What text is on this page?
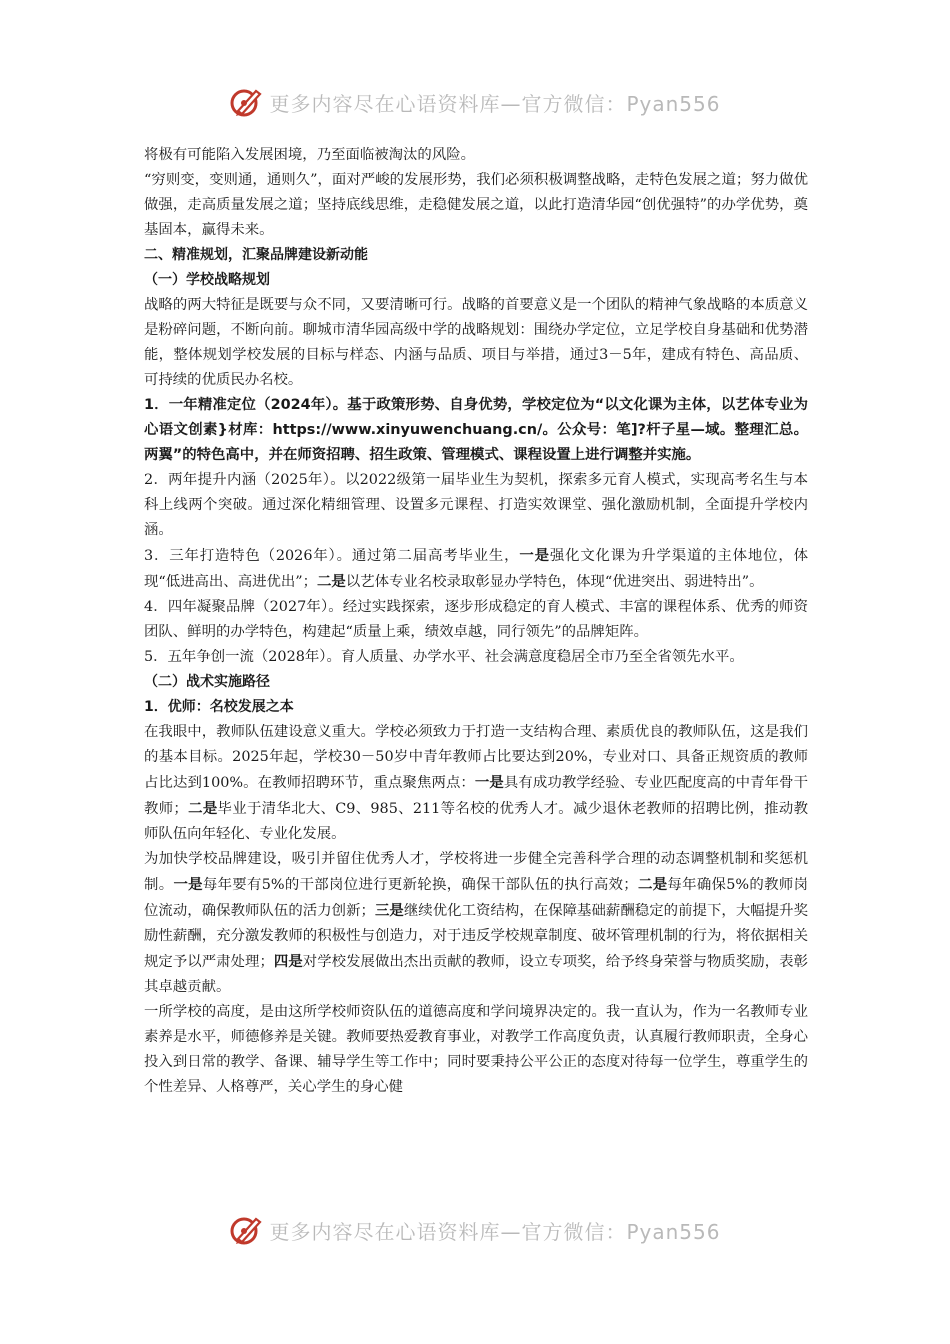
更多内容尽在心语资料库—官方微信：Pyan556

将极有可能陷入发展困境，乃至面临被淘汰的风险。

“穷则变，变则通，通则久”，面对严峻的发展形势，我们必须积极调整战略，走特色发展之道；努力做优做强，走高质量发展之道；坚持底线思维，走稳健发展之道，以此打造清华园“创优强特”的办学优势，奠基固本，赢得未来。

二、精准规划，汇聚品牌建设新动能

（一）学校战略规划

战略的两大特征是既要与众不同，又要清晰可行。战略的首要意义是一个团队的精神气象战略的本质意义是粉碎问题，不断向前。聊城市清华园高级中学的战略规划：围绕办学定位，立足学校自身基础和优势潜能，整体规划学校发展的目标与样态、内涵与品质、项目与举措，通过3－5年，建成有特色、高品质、可持续的优质民办名校。

1．一年精准定位（2024年）。基于政策形势、自身优势，学校定位为“以文化课为主体，以艺体专业为心语文创素}材库：https://www.xinyuwenchuang.cn/。公众号：笔]?杆子星—域。整理汇总。两翼”的特色高中，并在师资招聘、招生政策、管理模式、课程设置上进行调整并实施。

2．两年提升内涵（2025年）。以2022级第一届毕业生为契机，探索多元育人模式，实现高考名生与本科上线两个突破。通过深化精细管理、设置多元课程、打造实效课堂、强化激励机制，全面提升学校内涵。

3．三年打造特色（2026年）。通过第二届高考毕业生，一是强化文化课为升学渠道的主体地位，体现“低进高出、高进优出”；二是以艺体专业名校录取彰显办学特色，体现“优进突出、弱进特出”。

4．四年凝聚品牌（2027年）。经过实践探索，逐步形成稳定的育人模式、丰富的课程体系、优秀的师资团队、鲜明的办学特色，构建起“质量上乘，绩效卓越，同行领先”的品牌矩阵。

5．五年争创一流（2028年）。育人质量、办学水平、社会满意度稳居全市乃至全省领先水平。

（二）战术实施路径

1．优师：名校发展之本

在我眼中，教师队伍建设意义重大。学校必须致力于打造一支结构合理、素质优良的教师队伍，这是我们的基本目标。2025年起，学校30－50岁中青年教师占比要达到20%，专业对口、具备正规资质的教师占比达到100%。在教师招聘环节，重点聚焦两点：一是具有成功教学经验、专业匹配度高的中青年骨干教师；二是毕业于清华北大、C9、985、211等名校的优秀人才。减少退休老教师的招聘比例，推动教师队伍向年轻化、专业化发展。

为加快学校品牌建设，吸引并留住优秀人才，学校将进一步健全完善科学合理的动态调整机制和奖惩机制。一是每年要有5%的干部岗位进行更新轮换，确保干部队伍的执行高效；二是每年确保5%的教师岗位流动，确保教师队伍的活力创新；三是继续优化工资结构，在保障基础薪酬稳定的前提下，大幅提升奖励性薪酬，充分激发教师的积极性与创造力，对于违反学校规章制度、破坏管理机制的行为，将依据相关规定予以严肃处理；四是对学校发展做出杰出贡献的教师，设立专项奖，给予终身荣誉与物质奖励，表彰其卓越贡献。

一所学校的高度，是由这所学校师资队伍的道德高度和学问境界决定的。我一直认为，作为一名教师专业素养是水平，师德修养是关键。教师要热爱教育事业，对教学工作高度负责，认真履行教师职责，全身心投入到日常的教学、备课、辅导学生等工作中；同时要秉持公平公正的态度对待每一位学生，尊重学生的个性差异、人格尊严，关心学生的身心健

更多内容尽在心语资料库—官方微信：Pyan556
